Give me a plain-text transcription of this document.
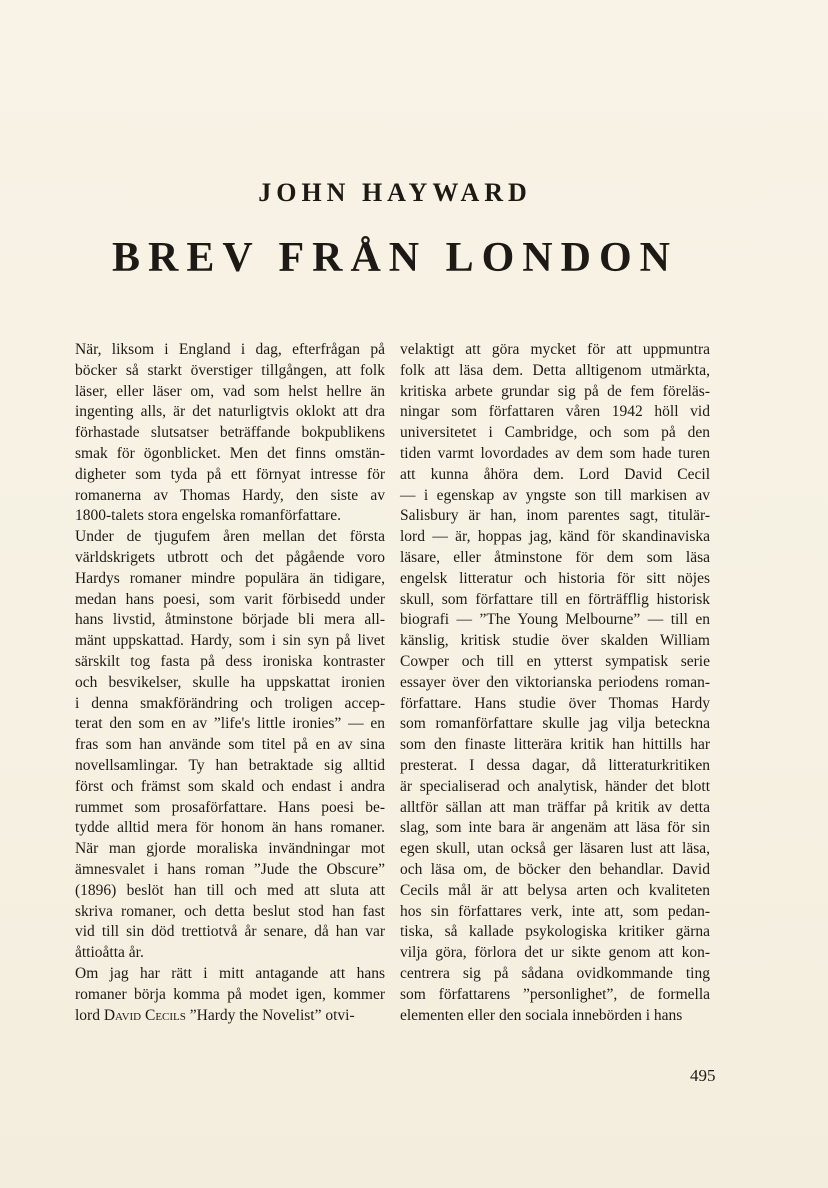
JOHN HAYWARD
BREV FRÅN LONDON
När, liksom i England i dag, efterfrågan på
böcker så starkt överstiger tillgången, att folk
läser, eller läser om, vad som helst hellre än
ingenting alls, är det naturligtvis oklokt att dra
förhastade slutsatser beträffande bokpublikens
smak för ögonblicket. Men det finns omstän-
digheter som tyda på ett förnyat intresse för
romanerna av Thomas Hardy, den siste av
1800-talets stora engelska romanförfattare.
Under de tjugufem åren mellan det första
världskrigets utbrott och det pågående voro
Hardys romaner mindre populära än tidigare,
medan hans poesi, som varit förbisedd under
hans livstid, åtminstone började bli mera all-
mänt uppskattad. Hardy, som i sin syn på livet
särskilt tog fasta på dess ironiska kontraster
och besvikelser, skulle ha uppskattat ironien
i denna smakförändring och troligen accep-
terat den som en av ”life's little ironies” — en
fras som han använde som titel på en av sina
novellsamlingar. Ty han betraktade sig alltid
först och främst som skald och endast i andra
rummet som prosaförfattare. Hans poesi be-
tydde alltid mera för honom än hans romaner.
När man gjorde moraliska invändningar mot
ämnesvalet i hans roman ”Jude the Obscure”
(1896) beslöt han till och med att sluta att
skriva romaner, och detta beslut stod han fast
vid till sin död trettiotvå år senare, då han var
åttioåtta år.
Om jag har rätt i mitt antagande att hans
romaner börja komma på modet igen, kommer
lord David Cecils ”Hardy the Novelist” otvi-
velaktigt att göra mycket för att uppmuntra
folk att läsa dem. Detta alltigenom utmärkta,
kritiska arbete grundar sig på de fem föreläs-
ningar som författaren våren 1942 höll vid
universitetet i Cambridge, och som på den
tiden varmt lovordades av dem som hade turen
att kunna åhöra dem. Lord David Cecil
— i egenskap av yngste son till markisen av
Salisbury är han, inom parentes sagt, titulär-
lord — är, hoppas jag, känd för skandinaviska
läsare, eller åtminstone för dem som läsa
engelsk litteratur och historia för sitt nöjes
skull, som författare till en förträfflig historisk
biografi — ”The Young Melbourne” — till en
känslig, kritisk studie över skalden William
Cowper och till en ytterst sympatisk serie
essayer över den viktorianska periodens roman-
författare. Hans studie över Thomas Hardy
som romanförfattare skulle jag vilja beteckna
som den finaste litterära kritik han hittills har
presterat. I dessa dagar, då litteraturkritiken
är specialiserad och analytisk, händer det blott
alltför sällan att man träffar på kritik av detta
slag, som inte bara är angenäm att läsa för sin
egen skull, utan också ger läsaren lust att läsa,
och läsa om, de böcker den behandlar. David
Cecils mål är att belysa arten och kvaliteten
hos sin författares verk, inte att, som pedan-
tiska, så kallade psykologiska kritiker gärna
vilja göra, förlora det ur sikte genom att kon-
centrera sig på sådana ovidkommande ting
som författarens ”personlighet”, de formella
elementen eller den sociala innebörden i hans
495
